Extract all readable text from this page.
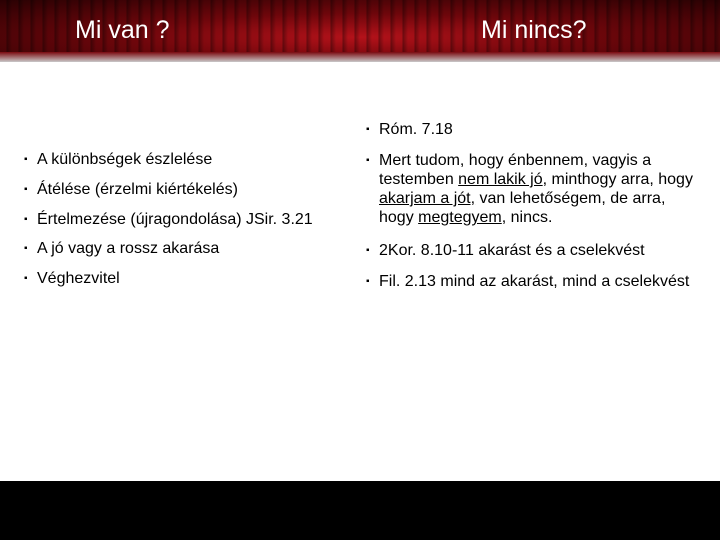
Mi van ?	Mi nincs?
▪ A különbségek észlelése
▪ Átélése (érzelmi kiértékelés)
▪ Értelmezése (újragondolása) JSir. 3.21
▪ A jó vagy a rossz akarása
▪ Véghezvitel
▪ Róm. 7.18
▪ Mert tudom, hogy énbennem, vagyis a testemben nem lakik jó, minthogy arra, hogy akarjam a jót, van lehetőségem, de arra, hogy megtegyem, nincs.
▪ 2Kor. 8.10-11 akarást és a cselekvést
▪ Fil. 2.13 mind az akarást, mind a cselekvést
